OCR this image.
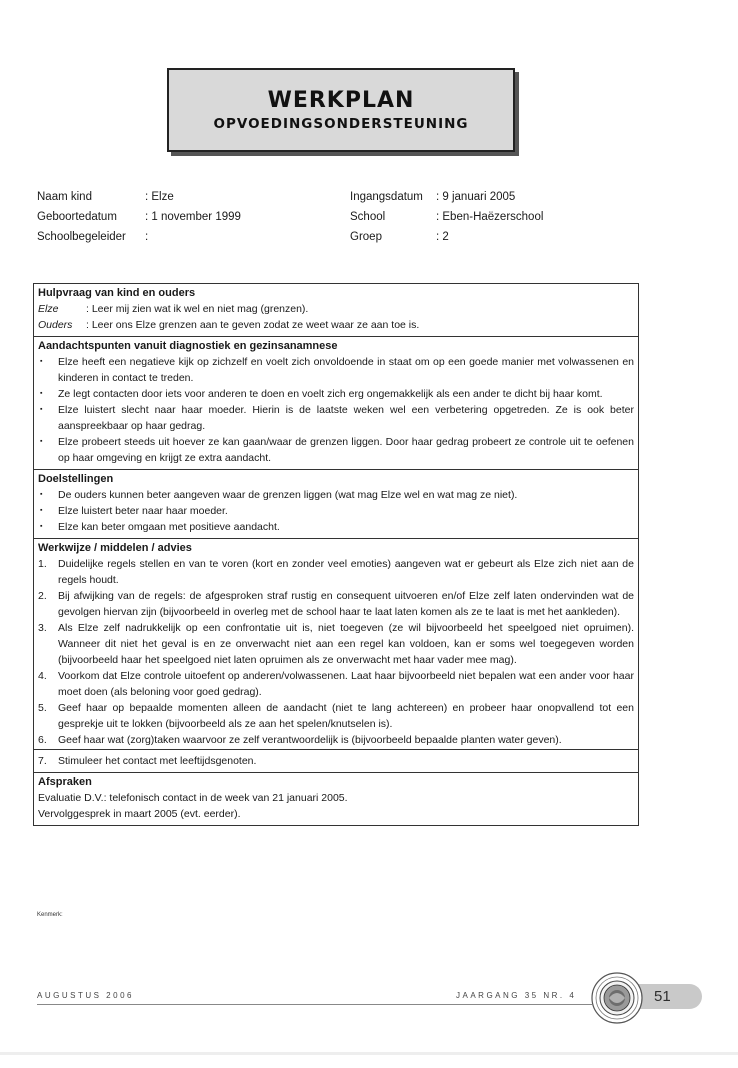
WERKPLAN
OPVOEDINGSONDERSTEUNING
Naam kind	: Elze
Geboortedatum	: 1 november 1999
Schoolbegeleider	:
Ingangsdatum	: 9 januari 2005
School	: Eben-Haëzerschool
Groep	: 2
Hulpvraag van kind en ouders
Elze	: Leer mij zien wat ik wel en niet mag (grenzen).
Ouders	: Leer ons Elze grenzen aan te geven zodat ze weet waar ze aan toe is.
Aandachtspunten vanuit diagnostiek en gezinsanamnese
▪ Elze heeft een negatieve kijk op zichzelf en voelt zich onvoldoende in staat om op een goede manier met volwassenen en kinderen in contact te treden.
▪ Ze legt contacten door iets voor anderen te doen en voelt zich erg ongemakkelijk als een ander te dicht bij haar komt.
▪ Elze luistert slecht naar haar moeder. Hierin is de laatste weken wel een verbetering opgetreden. Ze is ook beter aanspreekbaar op haar gedrag.
▪ Elze probeert steeds uit hoever ze kan gaan/waar de grenzen liggen. Door haar gedrag probeert ze controle uit te oefenen op haar omgeving en krijgt ze extra aandacht.
Doelstellingen
▪ De ouders kunnen beter aangeven waar de grenzen liggen (wat mag Elze wel en wat mag ze niet).
▪ Elze luistert beter naar haar moeder.
▪ Elze kan beter omgaan met positieve aandacht.
Werkwijze / middelen / advies
1.	Duidelijke regels stellen en van te voren (kort en zonder veel emoties) aangeven wat er gebeurt als Elze zich niet aan de regels houdt.
2.	Bij afwijking van de regels: de afgesproken straf rustig en consequent uitvoeren en/of Elze zelf laten ondervinden wat de gevolgen hiervan zijn (bijvoorbeeld in overleg met de school haar te laat laten komen als ze te laat is met het aankleden).
3.	Als Elze zelf nadrukkelijk op een confrontatie uit is, niet toegeven (ze wil bijvoorbeeld het speelgoed niet opruimen). Wanneer dit niet het geval is en ze onverwacht niet aan een regel kan voldoen, kan er soms wel toegegeven worden (bijvoorbeeld haar het speelgoed niet laten opruimen als ze onverwacht met haar vader mee mag).
4.	Voorkom dat Elze controle uitoefent op anderen/volwassenen. Laat haar bijvoorbeeld niet bepalen wat een ander voor haar moet doen (als beloning voor goed gedrag).
5.	Geef haar op bepaalde momenten alleen de aandacht (niet te lang achtereen) en probeer haar onopvallend tot een gesprekje uit te lokken (bijvoorbeeld als ze aan het spelen/knutselen is).
6.	Geef haar wat (zorg)taken waarvoor ze zelf verantwoordelijk is (bijvoorbeeld bepaalde planten water geven).
7.	Stimuleer het contact met leeftijdsgenoten.
Afspraken
Evaluatie D.V.: telefonisch contact in de week van 21 januari 2005.
Vervolggesprek in maart 2005 (evt. eerder).
Kenmerk:
AUGUSTUS 2006	JAARGANG 35 NR. 4	51
